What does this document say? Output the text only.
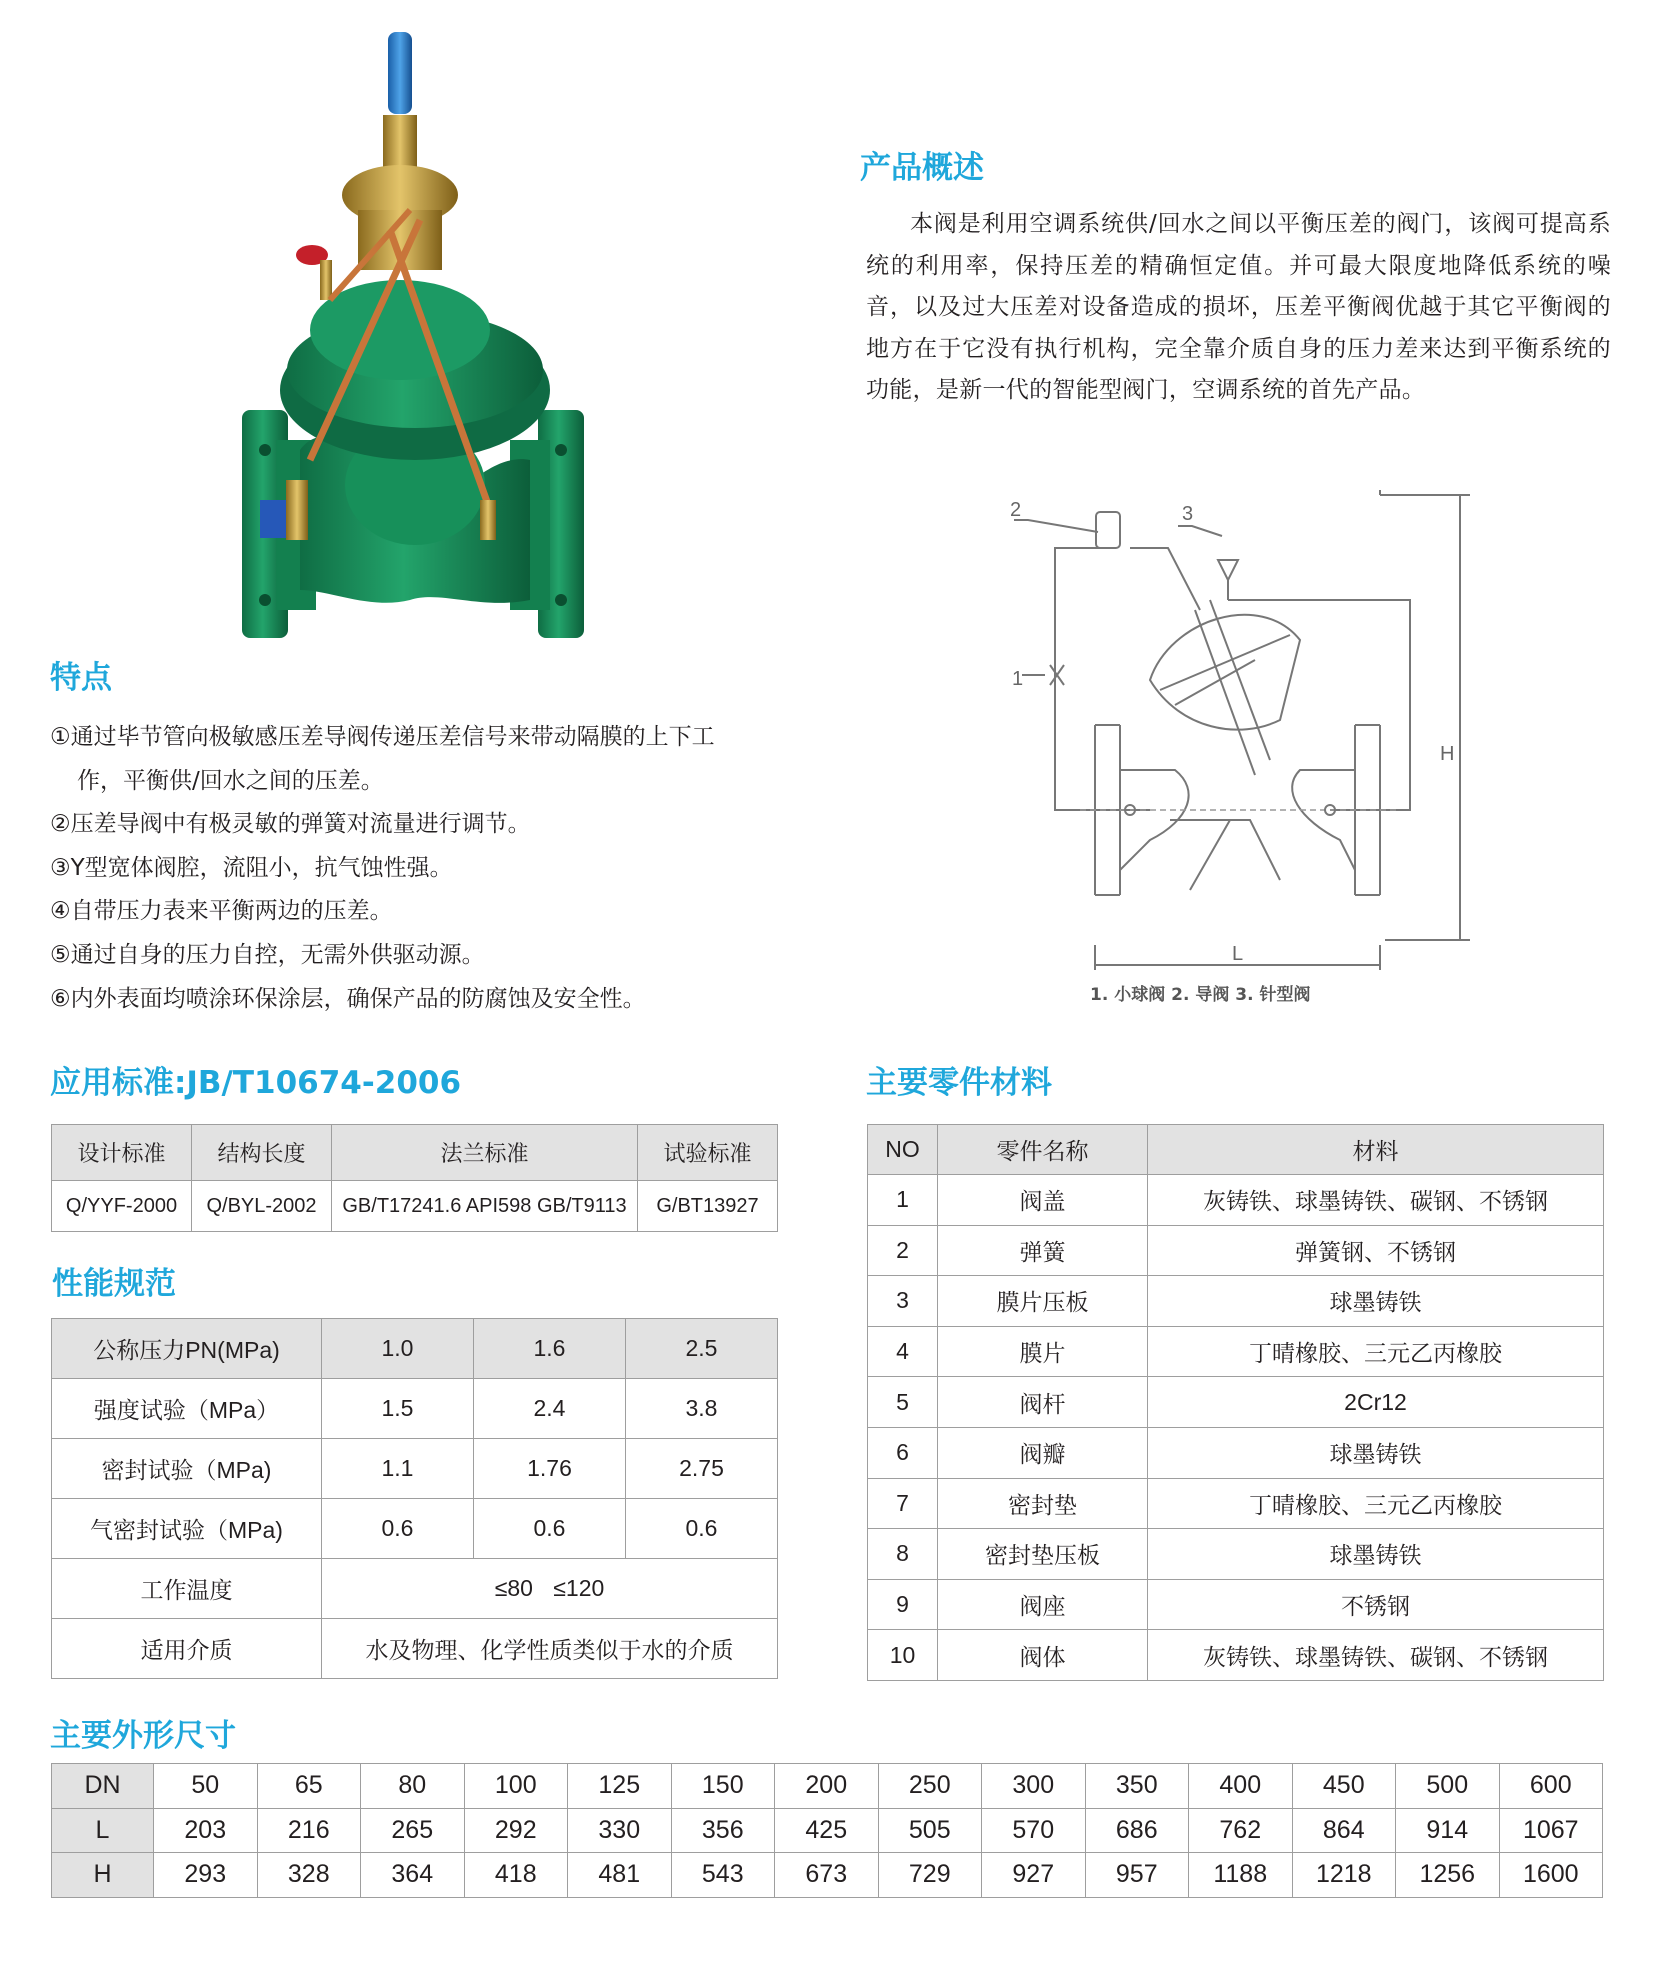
产品概述

本阀是利用空调系统供/回水之间以平衡压差的阀门，该阀可提高系统的利用率，保持压差的精确恒定值。并可最大限度地降低系统的噪音，以及过大压差对设备造成的损坏，压差平衡阀优越于其它平衡阀的地方在于它没有执行机构，完全靠介质自身的压力差来达到平衡系统的功能，是新一代的智能型阀门，空调系统的首先产品。

特点
①通过毕节管向极敏感压差导阀传递压差信号来带动隔膜的上下工
作，平衡供/回水之间的压差。
②压差导阀中有极灵敏的弹簧对流量进行调节。
③Y型宽体阀腔，流阻小，抗气蚀性强。
④自带压力表来平衡两边的压差。
⑤通过自身的压力自控，无需外供驱动源。
⑥内外表面均喷涂环保涂层，确保产品的防腐蚀及安全性。
2	3
1
H
L
1. 小球阀 2. 导阀 3. 针型阀
应用标准:JB/T10674-2006
设计标准	结构长度	法兰标准	试验标准
Q/YYF-2000	Q/BYL-2002	GB/T17241.6 API598 GB/T9113	G/BT13927
性能规范
公称压力PN(MPa)	1.0	1.6	2.5
强度试验（MPa）	1.5	2.4	3.8
密封试验（MPa)	1.1	1.76	2.75
气密封试验（MPa)	0.6	0.6	0.6
工作温度	≤80 ≤120		
适用介质	水及物理、化学性质类似于水的介质		
主要零件材料
NO	零件名称	材料
1	阀盖	灰铸铁、球墨铸铁、碳钢、不锈钢
2	弹簧	弹簧钢、不锈钢
3	膜片压板	球墨铸铁
4	膜片	丁晴橡胶、三元乙丙橡胶
5	阀杆	2Cr12
6	阀瓣	球墨铸铁
7	密封垫	丁晴橡胶、三元乙丙橡胶
8	密封垫压板	球墨铸铁
9	阀座	不锈钢
10	阀体	灰铸铁、球墨铸铁、碳钢、不锈钢
主要外形尺寸
DN	50	65	80	100	125	150	200	250	300	350	400	450	500	600
L	203	216	265	292	330	356	425	505	570	686	762	864	914	1067
H	293	328	364	418	481	543	673	729	927	957	1188	1218	1256	1600
